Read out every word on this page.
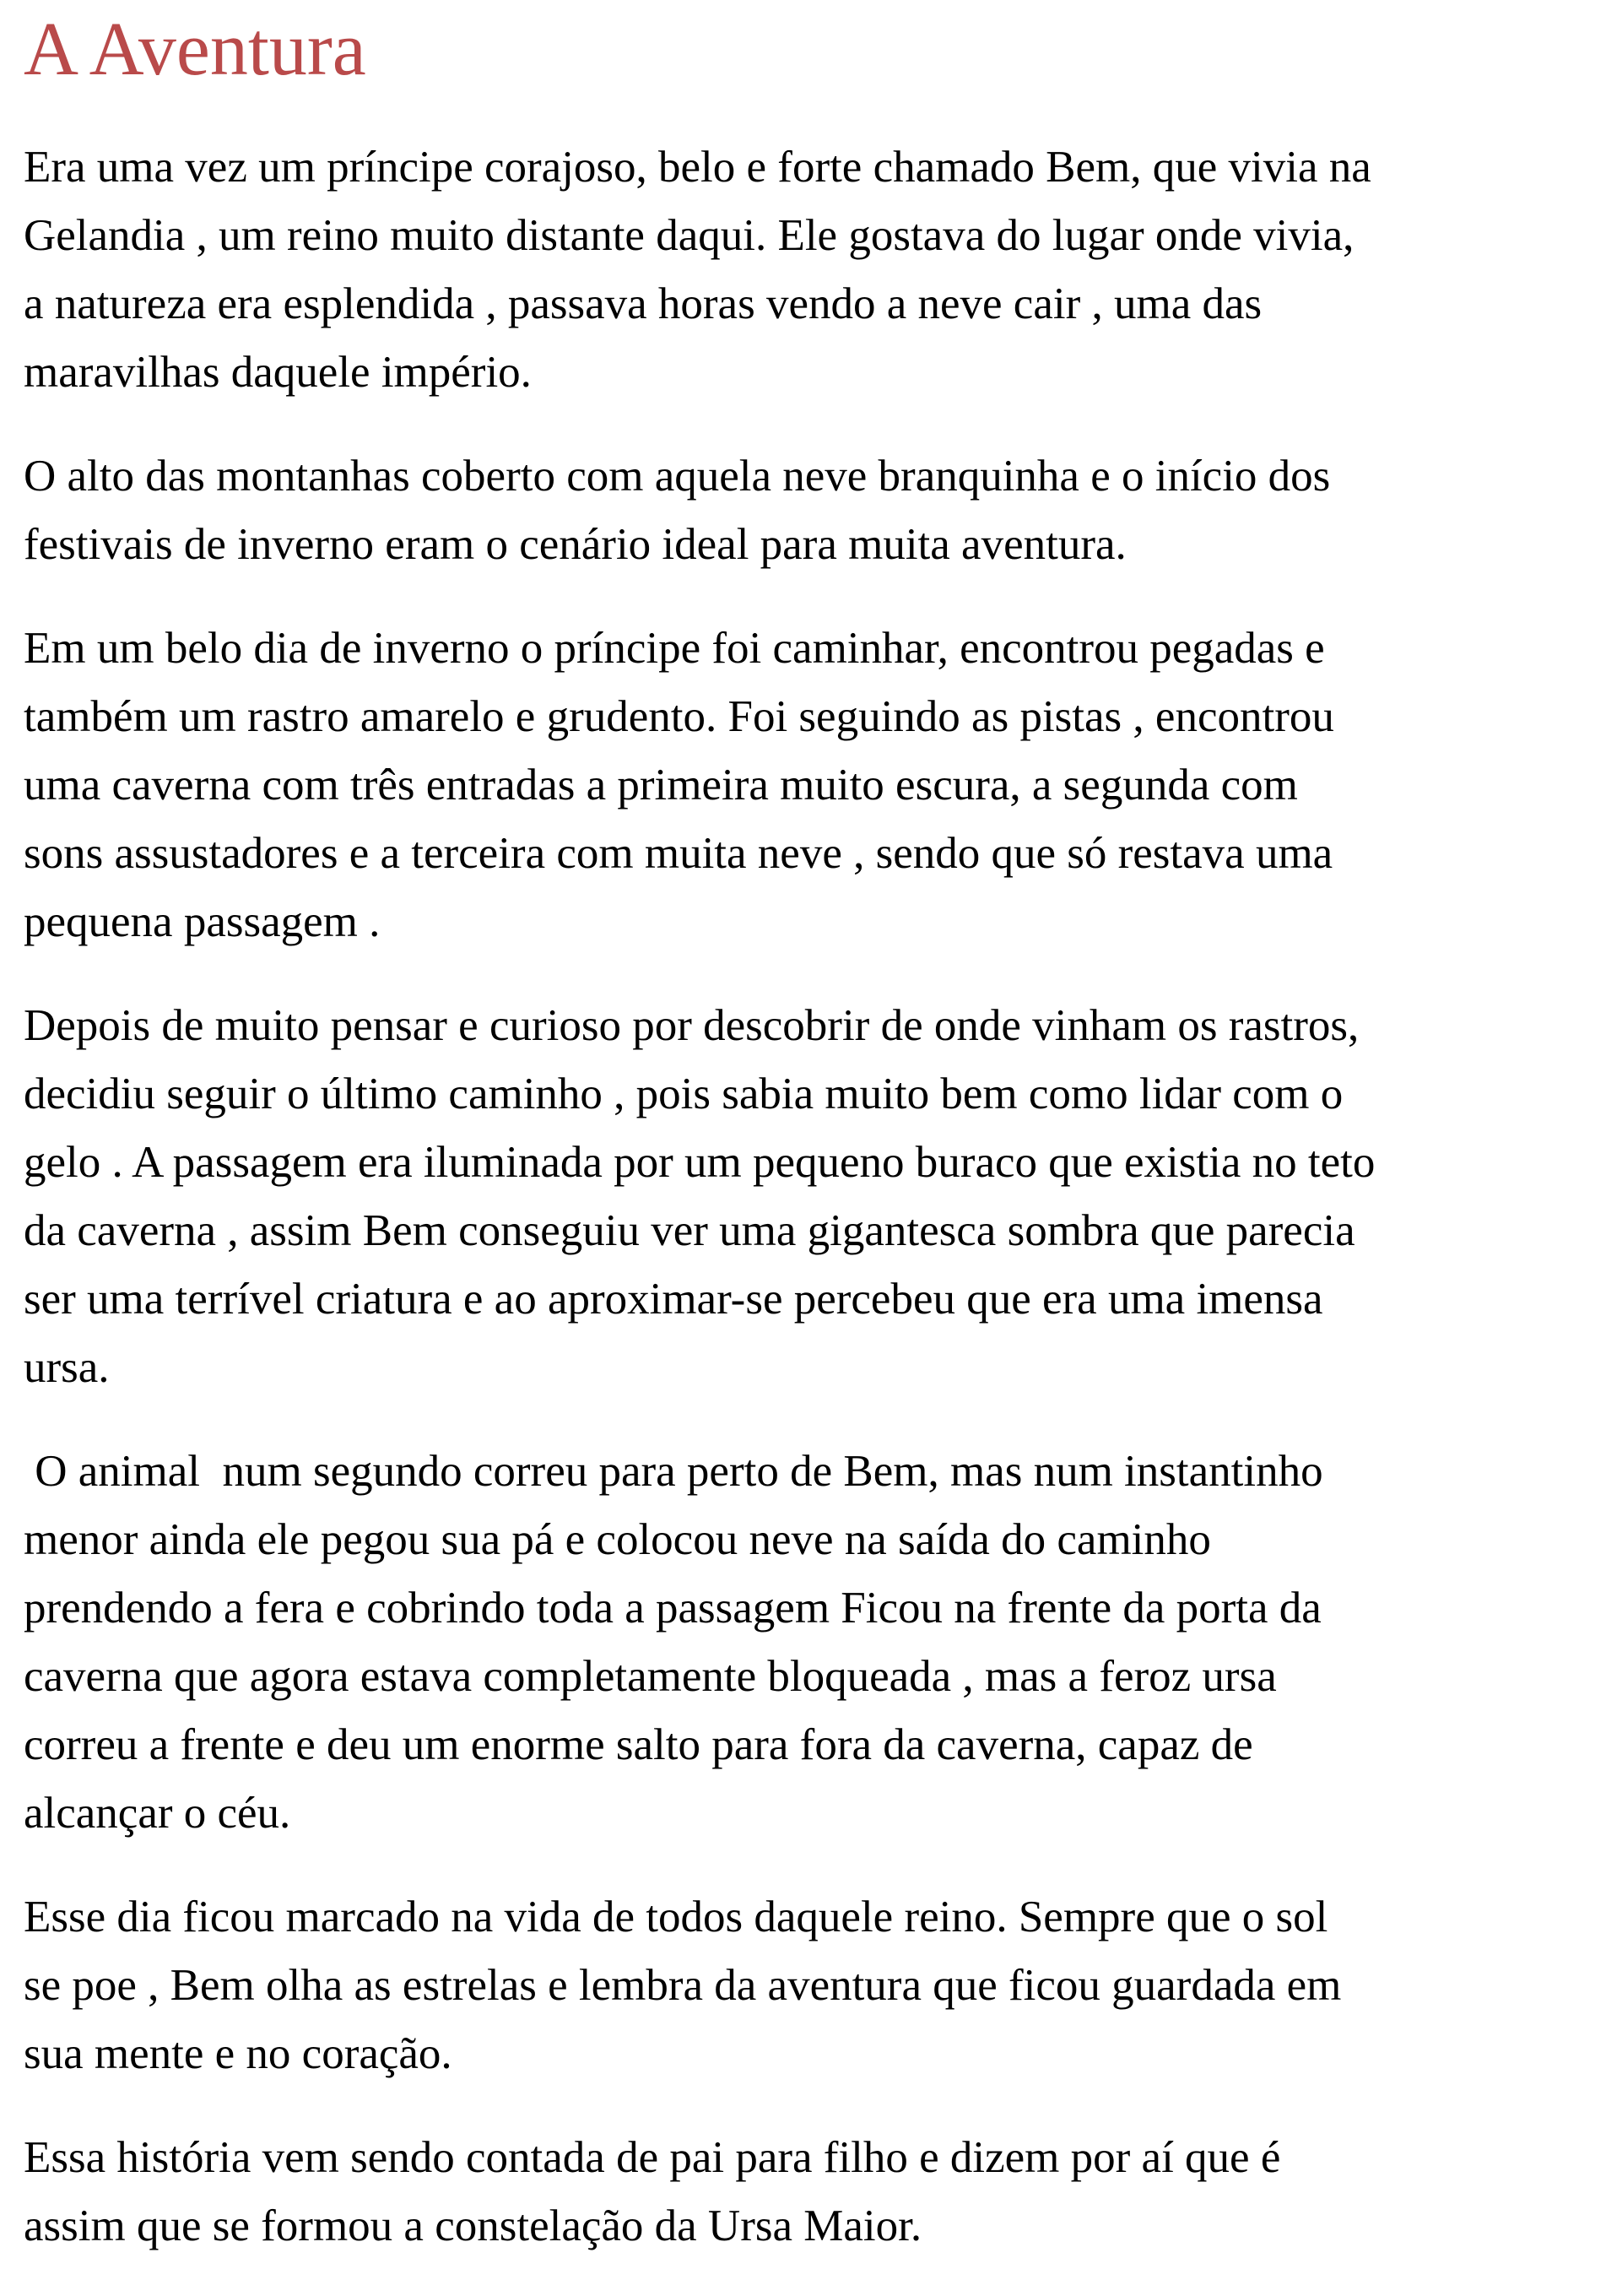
A Aventura

Era uma vez um príncipe corajoso, belo e forte chamado Bem, que vivia na
Gelandia , um reino muito distante daqui. Ele gostava do lugar onde vivia,
a natureza era esplendida , passava horas vendo a neve cair , uma das
maravilhas daquele império.

O alto das montanhas coberto com aquela neve branquinha e o início dos
festivais de inverno eram o cenário ideal para muita aventura.

Em um belo dia de inverno o príncipe foi caminhar, encontrou pegadas e
também um rastro amarelo e grudento. Foi seguindo as pistas , encontrou
uma caverna com três entradas a primeira muito escura, a segunda com
sons assustadores e a terceira com muita neve , sendo que só restava uma
pequena passagem .

Depois de muito pensar e curioso por descobrir de onde vinham os rastros,
decidiu seguir o último caminho , pois sabia muito bem como lidar com o
gelo . A passagem era iluminada por um pequeno buraco que existia no teto
da caverna , assim Bem conseguiu ver uma gigantesca sombra que parecia
ser uma terrível criatura e ao aproximar-se percebeu que era uma imensa
ursa.

O animal  num segundo correu para perto de Bem, mas num instantinho
menor ainda ele pegou sua pá e colocou neve na saída do caminho
prendendo a fera e cobrindo toda a passagem Ficou na frente da porta da
caverna que agora estava completamente bloqueada , mas a feroz ursa
correu a frente e deu um enorme salto para fora da caverna, capaz de
alcançar o céu.

Esse dia ficou marcado na vida de todos daquele reino. Sempre que o sol
se poe , Bem olha as estrelas e lembra da aventura que ficou guardada em
sua mente e no coração.

Essa história vem sendo contada de pai para filho e dizem por aí que é
assim que se formou a constelação da Ursa Maior.
